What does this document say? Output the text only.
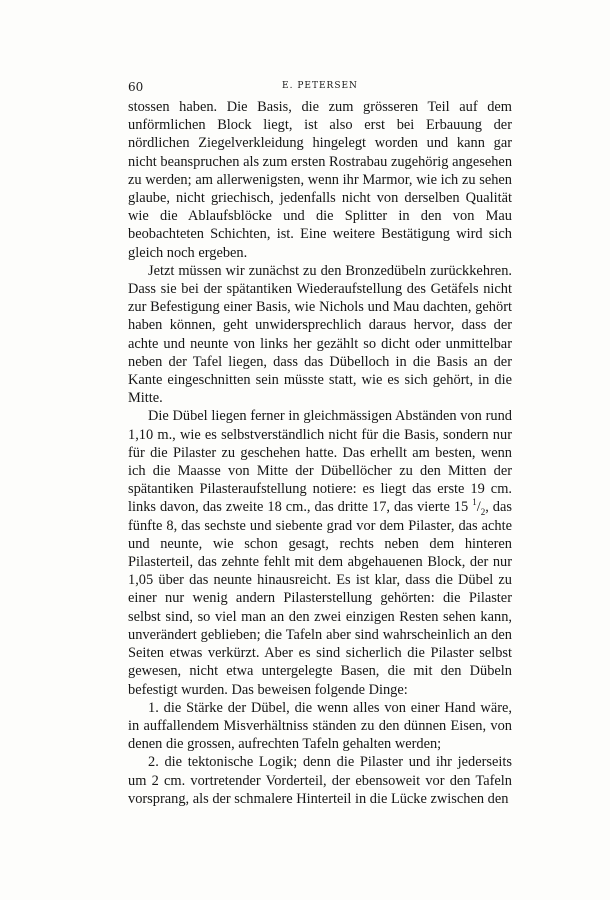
60	E. PETERSEN

stossen haben. Die Basis, die zum grösseren Teil auf dem unförmlichen Block liegt, ist also erst bei Erbauung der nördlichen Ziegelverkleidung hingelegt worden und kann gar nicht beanspruchen als zum ersten Rostrabau zugehörig angesehen zu werden; am allerwenigsten, wenn ihr Marmor, wie ich zu sehen glaube, nicht griechisch, jedenfalls nicht von derselben Qualität wie die Ablaufsblöcke und die Splitter in den von Mau beobachteten Schichten, ist. Eine weitere Bestätigung wird sich gleich noch ergeben.

Jetzt müssen wir zunächst zu den Bronzedübeln zurückkehren. Dass sie bei der spätantiken Wiederaufstellung des Getäfels nicht zur Befestigung einer Basis, wie Nichols und Mau dachten, gehört haben können, geht unwidersprechlich daraus hervor, dass der achte und neunte von links her gezählt so dicht oder unmittelbar neben der Tafel liegen, dass das Dübelloch in die Basis an der Kante eingeschnitten sein müsste statt, wie es sich gehört, in die Mitte.

Die Dübel liegen ferner in gleichmässigen Abständen von rund 1,10 m., wie es selbstverständlich nicht für die Basis, sondern nur für die Pilaster zu geschehen hatte. Das erhellt am besten, wenn ich die Maasse von Mitte der Dübellöcher zu den Mitten der spätantiken Pilasteraufstellung notiere: es liegt das erste 19 cm. links davon, das zweite 18 cm., das dritte 17, das vierte 15 $^1/_2$, das fünfte 8, das sechste und siebente grad vor dem Pilaster, das achte und neunte, wie schon gesagt, rechts neben dem hinteren Pilasterteil, das zehnte fehlt mit dem abgehauenen Block, der nur 1,05 über das neunte hinausreicht. Es ist klar, dass die Dübel zu einer nur wenig andern Pilasterstellung gehörten: die Pilaster selbst sind, so viel man an den zwei einzigen Resten sehen kann, unverändert geblieben; die Tafeln aber sind wahrscheinlich an den Seiten etwas verkürzt. Aber es sind sicherlich die Pilaster selbst gewesen, nicht etwa untergelegte Basen, die mit den Dübeln befestigt wurden. Das beweisen folgende Dinge:

1. die Stärke der Dübel, die wenn alles von einer Hand wäre, in auffallendem Misverhältniss ständen zu den dünnen Eisen, von denen die grossen, aufrechten Tafeln gehalten werden;

2. die tektonische Logik; denn die Pilaster und ihr jederseits um 2 cm. vortretender Vorderteil, der ebensoweit vor den Tafeln vorsprang, als der schmalere Hinterteil in die Lücke zwischen den
